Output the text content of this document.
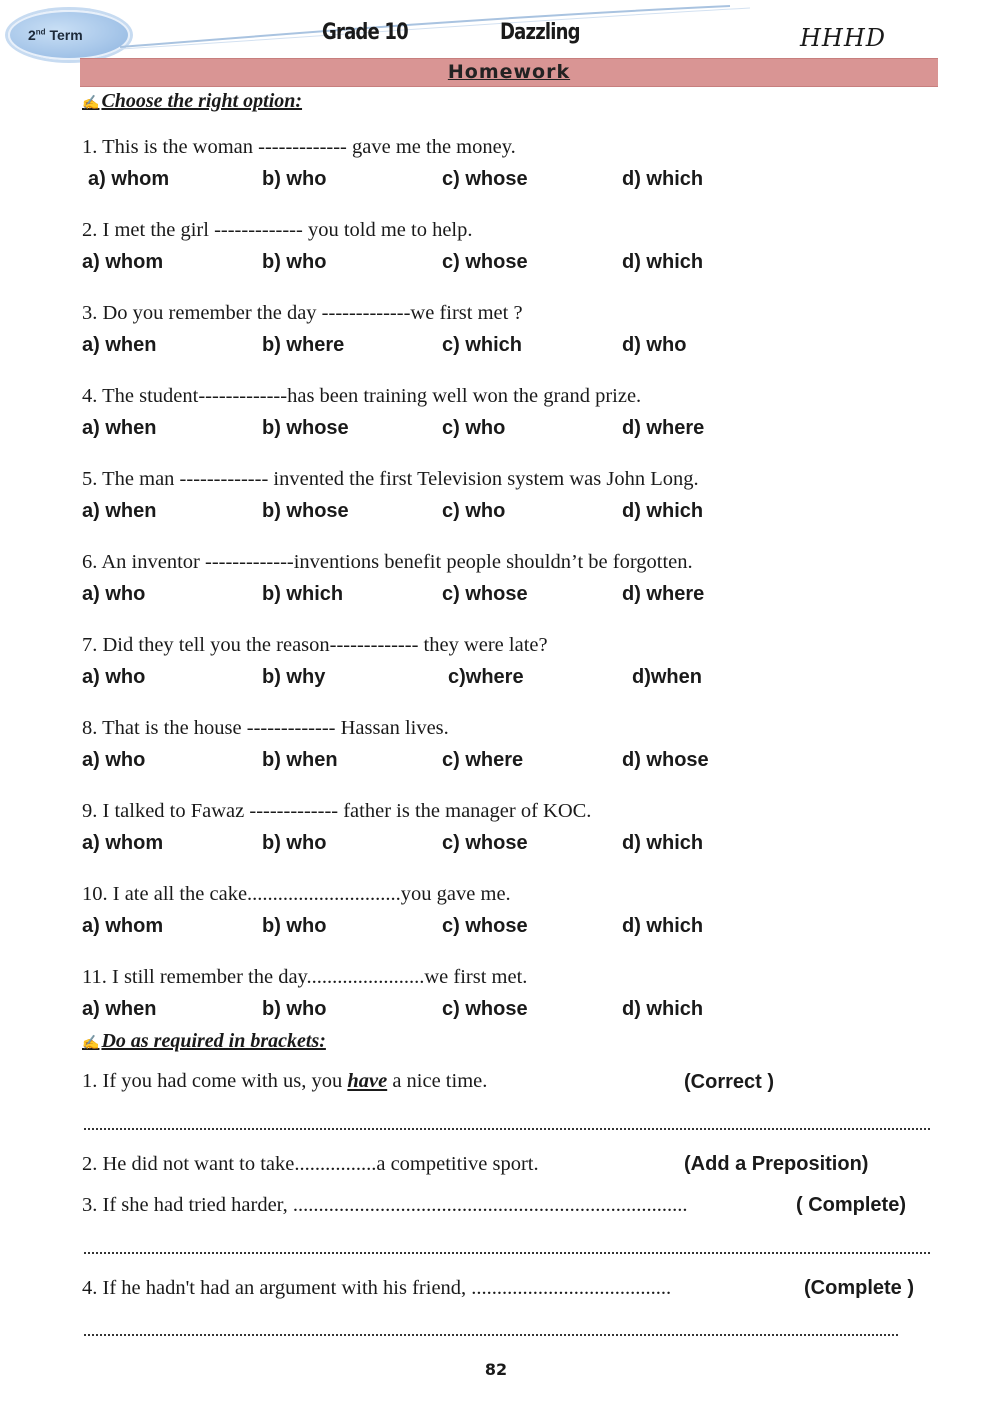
2nd Term	Grade 10	Dazzling	HHHD
Homework
✍ Choose the right option:
1. This is the woman ------------- gave me the money.
a) whom	b) who	c) whose	d) which
2. I met the girl ------------- you told me to help.
a) whom	b) who	c) whose	d) which
3. Do you remember the day -------------we first met ?
a) when	b) where	c) which	d) who
4. The student-------------has been training well won the grand prize.
a) when	b) whose	c) who	d) where
5. The man ------------- invented the first Television system was John Long.
a) when	b) whose	c) who	d) which
6. An inventor -------------inventions benefit people shouldn’t be forgotten.
a) who	b) which	c) whose	d) where
7. Did they tell you the reason------------- they were late?
a) who	b) why	c)where	d)when
8. That is the house ------------- Hassan lives.
a) who	b) when	c) where	d) whose
9. I talked to Fawaz ------------- father is the manager of KOC.
a) whom	b) who	c) whose	d) which
10. I ate all the cake..............................you gave me.
a) whom	b) who	c) whose	d) which
11. I still remember the day.......................we first met.
a) when	b) who	c) whose	d) which
✍ Do as required in brackets:
1. If you had come with us, you have a nice time.	(Correct )
2. He did not want to take................a competitive sport.	(Add a Preposition)
3. If she had tried harder, .............................................................................	( Complete)
4. If he hadn't had an argument with his friend, .......................................	(Complete )
82
